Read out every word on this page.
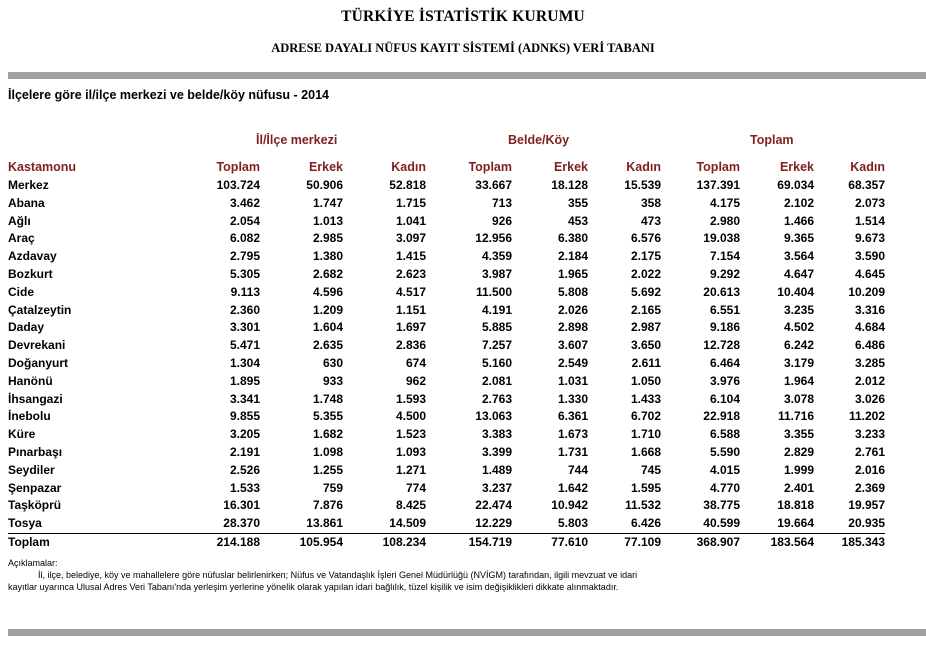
TÜRKİYE İSTATİSTİK KURUMU
ADRESE DAYALI NÜFUS KAYIT SİSTEMİ (ADNKS) VERİ TABANI
İlçelere göre il/ilçe merkezi ve belde/köy nüfusu - 2014
İl/İlçe merkezi	Belde/Köy	Toplam
Kastamonu	Toplam	Erkek	Kadın	Toplam	Erkek	Kadın	Toplam	Erkek	Kadın
Merkez	103.724	50.906	52.818	33.667	18.128	15.539	137.391	69.034	68.357
Abana	3.462	1.747	1.715	713	355	358	4.175	2.102	2.073
Ağlı	2.054	1.013	1.041	926	453	473	2.980	1.466	1.514
Araç	6.082	2.985	3.097	12.956	6.380	6.576	19.038	9.365	9.673
Azdavay	2.795	1.380	1.415	4.359	2.184	2.175	7.154	3.564	3.590
Bozkurt	5.305	2.682	2.623	3.987	1.965	2.022	9.292	4.647	4.645
Cide	9.113	4.596	4.517	11.500	5.808	5.692	20.613	10.404	10.209
Çatalzeytin	2.360	1.209	1.151	4.191	2.026	2.165	6.551	3.235	3.316
Daday	3.301	1.604	1.697	5.885	2.898	2.987	9.186	4.502	4.684
Devrekani	5.471	2.635	2.836	7.257	3.607	3.650	12.728	6.242	6.486
Doğanyurt	1.304	630	674	5.160	2.549	2.611	6.464	3.179	3.285
Hanönü	1.895	933	962	2.081	1.031	1.050	3.976	1.964	2.012
İhsangazi	3.341	1.748	1.593	2.763	1.330	1.433	6.104	3.078	3.026
İnebolu	9.855	5.355	4.500	13.063	6.361	6.702	22.918	11.716	11.202
Küre	3.205	1.682	1.523	3.383	1.673	1.710	6.588	3.355	3.233
Pınarbaşı	2.191	1.098	1.093	3.399	1.731	1.668	5.590	2.829	2.761
Seydiler	2.526	1.255	1.271	1.489	744	745	4.015	1.999	2.016
Şenpazar	1.533	759	774	3.237	1.642	1.595	4.770	2.401	2.369
Taşköprü	16.301	7.876	8.425	22.474	10.942	11.532	38.775	18.818	19.957
Tosya	28.370	13.861	14.509	12.229	5.803	6.426	40.599	19.664	20.935
Toplam	214.188	105.954	108.234	154.719	77.610	77.109	368.907	183.564	185.343
Açıklamalar:
İl, ilçe, belediye, köy ve mahallelere göre nüfuslar belirlenirken; Nüfus ve Vatandaşlık İşleri Genel Müdürlüğü (NVİGM) tarafından, ilgili mevzuat ve idari
kayıtlar uyarınca Ulusal Adres Veri Tabanı'nda yerleşim yerlerine yönelik olarak yapılan idari bağlılık, tüzel kişilik ve isim değişiklikleri dikkate alınmaktadır.
